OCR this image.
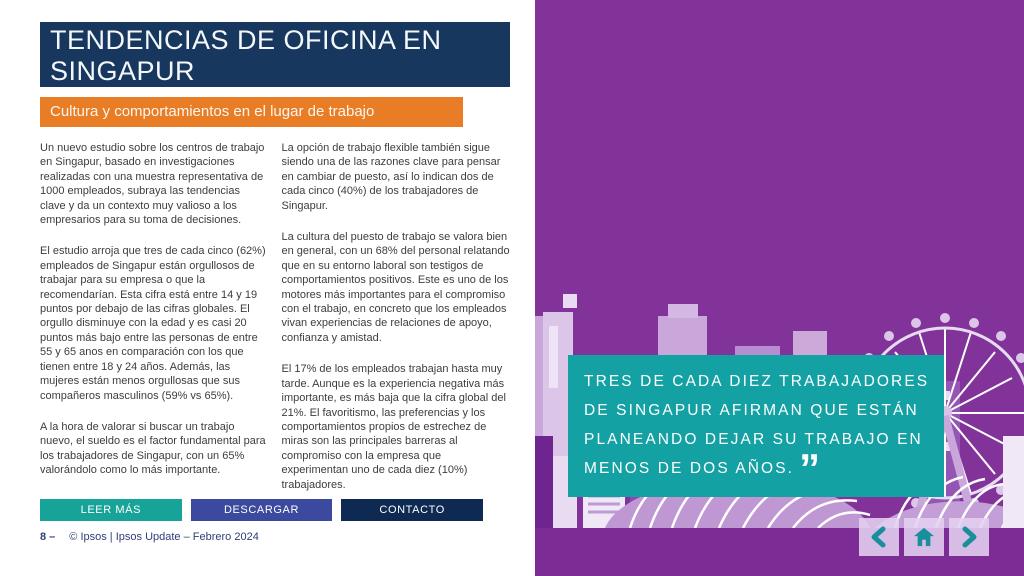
TENDENCIAS DE OFICINA EN SINGAPUR
Cultura y comportamientos en el lugar de trabajo

Un nuevo estudio sobre los centros de trabajo en Singapur, basado en investigaciones realizadas con una muestra representativa de 1000 empleados, subraya las tendencias clave y da un contexto muy valioso a los empresarios para su toma de decisiones.

El estudio arroja que tres de cada cinco (62%) empleados de Singapur están orgullosos de trabajar para su empresa o que la recomendarían. Esta cifra está entre 14 y 19 puntos por debajo de las cifras globales. El orgullo disminuye con la edad y es casi 20 puntos más bajo entre las personas de entre 55 y 65 anos en comparación con los que tienen entre 18 y 24 años. Además, las mujeres están menos orgullosas que sus compañeros masculinos (59% vs 65%).

A la hora de valorar si buscar un trabajo nuevo, el sueldo es el factor fundamental para los trabajadores de Singapur, con un 65% valorándolo como lo más importante.

La opción de trabajo flexible también sigue siendo una de las razones clave para pensar en cambiar de puesto, así lo indican dos de cada cinco (40%) de los trabajadores de Singapur.

La cultura del puesto de trabajo se valora bien en general, con un 68% del personal relatando que en su entorno laboral son testigos de comportamientos positivos. Este es uno de los motores más importantes para el compromiso con el trabajo, en concreto que los empleados vivan experiencias de relaciones de apoyo, confianza y amistad.

El 17% de los empleados trabajan hasta muy tarde. Aunque es la experiencia negativa más importante, es más baja que la cifra global del 21%. El favoritismo, las preferencias y los comportamientos propios de estrechez de miras son las principales barreras al compromiso con la empresa que experimentan uno de cada diez (10%) trabajadores.

LEER MÁS	DESCARGAR	CONTACTO
8 – © Ipsos | Ipsos Update – Febrero 2024
TRES DE CADA DIEZ TRABAJADORES DE SINGAPUR AFIRMAN QUE ESTÁN PLANEANDO DEJAR SU TRABAJO EN MENOS DE DOS AÑOS. ”
